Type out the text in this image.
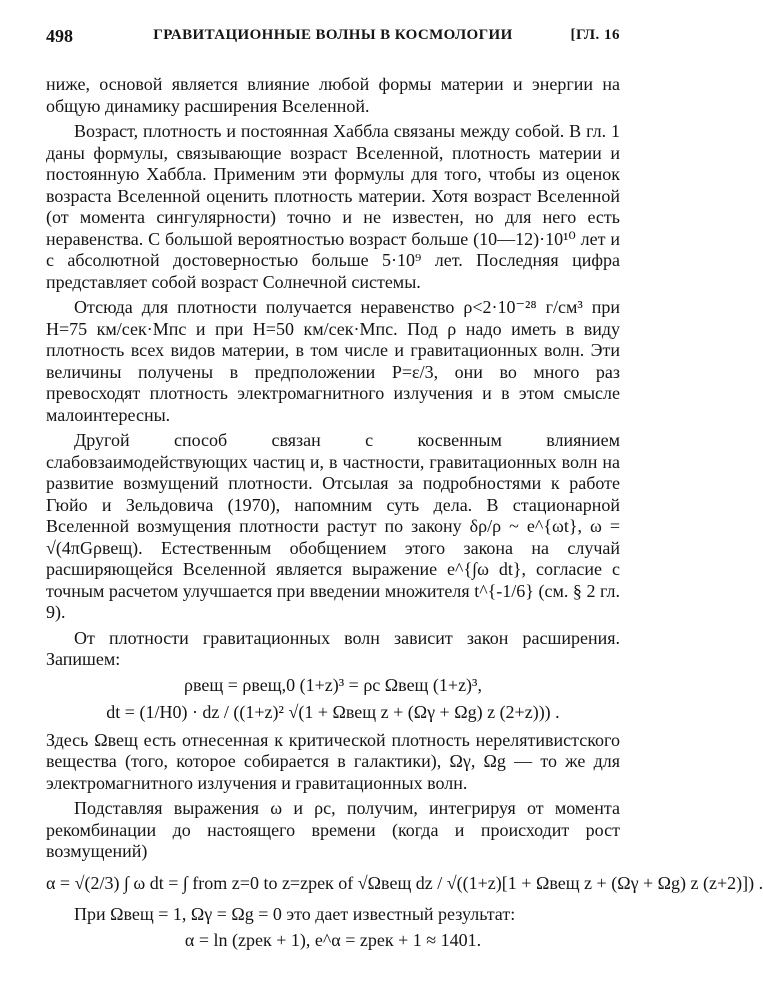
498	ГРАВИТАЦИОННЫЕ ВОЛНЫ В КОСМОЛОГИИ	[ГЛ. 16

ниже, основой является влияние любой формы материи и энергии на общую динамику расширения Вселенной.

Возраст, плотность и постоянная Хаббла связаны между собой. В гл. 1 даны формулы, связывающие возраст Вселенной, плотность материи и постоянную Хаббла. Применим эти формулы для того, чтобы из оценок возраста Вселенной оценить плотность материи. Хотя возраст Вселенной (от момента сингулярности) точно и не известен, но для него есть неравенства. С большой вероятностью возраст больше (10—12)·10¹⁰ лет и с абсолютной достоверностью больше 5·10⁹ лет. Последняя цифра представляет собой возраст Солнечной системы.

Отсюда для плотности получается неравенство ρ<2·10⁻²⁸ г/см³ при H=75 км/сек·Мпс и при H=50 км/сек·Мпс. Под ρ надо иметь в виду плотность всех видов материи, в том числе и гравитационных волн. Эти величины получены в предположении P=ε/3, они во много раз превосходят плотность электромагнитного излучения и в этом смысле малоинтересны.

Другой способ связан с косвенным влиянием слабовзаимодействующих частиц и, в частности, гравитационных волн на развитие возмущений плотности. Отсылая за подробностями к работе Гюйо и Зельдовича (1970), напомним суть дела. В стационарной Вселенной возмущения плотности растут по закону δρ/ρ ~ e^{ωt}, ω = √(4πGρвещ). Естественным обобщением этого закона на случай расширяющейся Вселенной является выражение e^{∫ω dt}, согласие с точным расчетом улучшается при введении множителя t^{-1/6} (см. § 2 гл. 9).

От плотности гравитационных волн зависит закон расширения. Запишем:

ρвещ = ρвещ,0 (1+z)³ = ρc Ωвещ (1+z)³,
dt = (1/H0) · dz / ((1+z)² √(1 + Ωвещ z + (Ωγ + Ωg) z (2+z))) .

Здесь Ωвещ есть отнесенная к критической плотность нерелятивистского вещества (того, которое собирается в галактики), Ωγ, Ωg — то же для электромагнитного излучения и гравитационных волн.

Подставляя выражения ω и ρc, получим, интегрируя от момента рекомбинации до настоящего времени (когда и происходит рост возмущений)

α = √(2/3) ∫ ω dt = ∫ from z=0 to z=zрек of √Ωвещ dz / √((1+z)[1 + Ωвещ z + (Ωγ + Ωg) z (z+2)]) .

При Ωвещ = 1, Ωγ = Ωg = 0 это дает известный результат:

α = ln (zрек + 1), e^α = zрек + 1 ≈ 1401.
